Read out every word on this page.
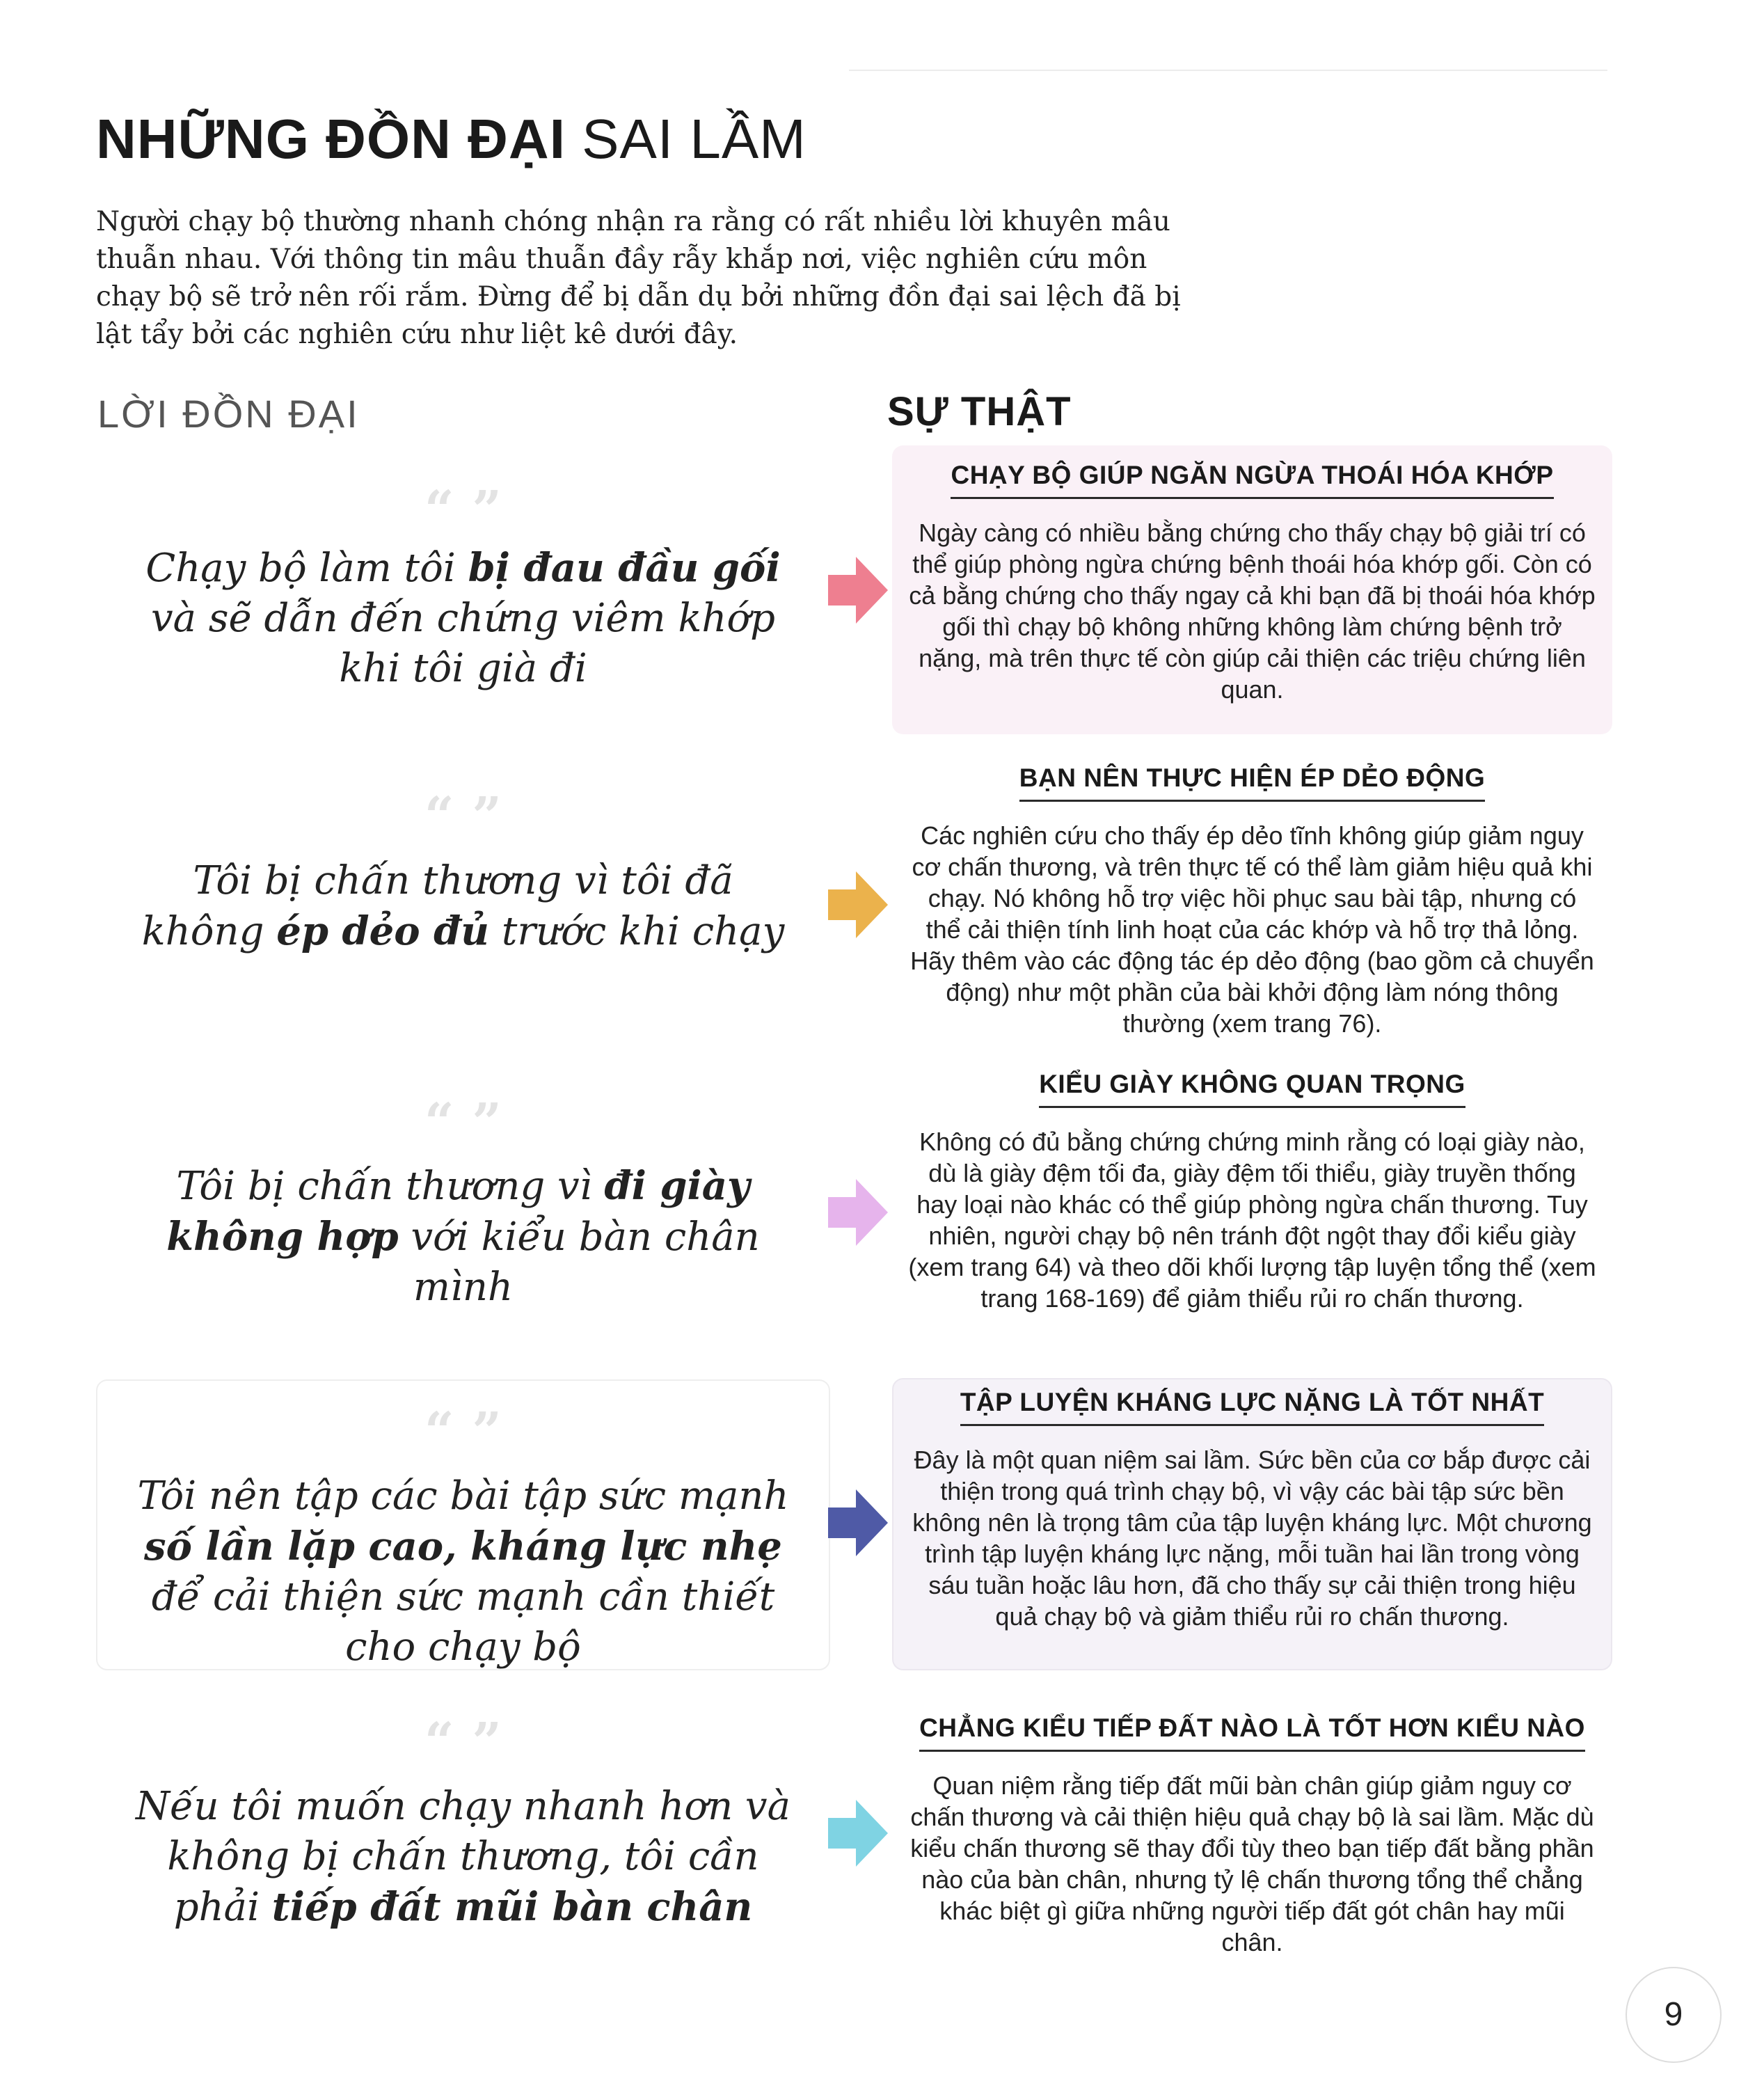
NHỮNG ĐỒN ĐẠI SAI LẦM

Người chạy bộ thường nhanh chóng nhận ra rằng có rất nhiều lời khuyên mâu thuẫn nhau. Với thông tin mâu thuẫn đầy rẫy khắp nơi, việc nghiên cứu môn chạy bộ sẽ trở nên rối rắm. Đừng để bị dẫn dụ bởi những đồn đại sai lệch đã bị lật tẩy bởi các nghiên cứu như liệt kê dưới đây.

LỜI ĐỒN ĐẠI	SỰ THẬT
“ ”
Chạy bộ làm tôi bị đau đầu gối và sẽ dẫn đến chứng viêm khớp khi tôi già đi
CHẠY BỘ GIÚP NGĂN NGỪA THOÁI HÓA KHỚP
Ngày càng có nhiều bằng chứng cho thấy chạy bộ giải trí có thể giúp phòng ngừa chứng bệnh thoái hóa khớp gối. Còn có cả bằng chứng cho thấy ngay cả khi bạn đã bị thoái hóa khớp gối thì chạy bộ không những không làm chứng bệnh trở nặng, mà trên thực tế còn giúp cải thiện các triệu chứng liên quan.
“ ”
Tôi bị chấn thương vì tôi đã không ép dẻo đủ trước khi chạy
BẠN NÊN THỰC HIỆN ÉP DẺO ĐỘNG
Các nghiên cứu cho thấy ép dẻo tĩnh không giúp giảm nguy cơ chấn thương, và trên thực tế có thể làm giảm hiệu quả khi chạy. Nó không hỗ trợ việc hồi phục sau bài tập, nhưng có thể cải thiện tính linh hoạt của các khớp và hỗ trợ thả lỏng. Hãy thêm vào các động tác ép dẻo động (bao gồm cả chuyển động) như một phần của bài khởi động làm nóng thông thường (xem trang 76).
“ ”
Tôi bị chấn thương vì đi giày không hợp với kiểu bàn chân mình
KIỂU GIÀY KHÔNG QUAN TRỌNG
Không có đủ bằng chứng chứng minh rằng có loại giày nào, dù là giày đệm tối đa, giày đệm tối thiểu, giày truyền thống hay loại nào khác có thể giúp phòng ngừa chấn thương. Tuy nhiên, người chạy bộ nên tránh đột ngột thay đổi kiểu giày (xem trang 64) và theo dõi khối lượng tập luyện tổng thể (xem trang 168-169) để giảm thiểu rủi ro chấn thương.
“ ”
Tôi nên tập các bài tập sức mạnh số lần lặp cao, kháng lực nhẹ để cải thiện sức mạnh cần thiết cho chạy bộ
TẬP LUYỆN KHÁNG LỰC NẶNG LÀ TỐT NHẤT
Đây là một quan niệm sai lầm. Sức bền của cơ bắp được cải thiện trong quá trình chạy bộ, vì vậy các bài tập sức bền không nên là trọng tâm của tập luyện kháng lực. Một chương trình tập luyện kháng lực nặng, mỗi tuần hai lần trong vòng sáu tuần hoặc lâu hơn, đã cho thấy sự cải thiện trong hiệu quả chạy bộ và giảm thiểu rủi ro chấn thương.
“ ”
Nếu tôi muốn chạy nhanh hơn và không bị chấn thương, tôi cần phải tiếp đất mũi bàn chân
CHẲNG KIỂU TIẾP ĐẤT NÀO LÀ TỐT HƠN KIỂU NÀO
Quan niệm rằng tiếp đất mũi bàn chân giúp giảm nguy cơ chấn thương và cải thiện hiệu quả chạy bộ là sai lầm. Mặc dù kiểu chấn thương sẽ thay đổi tùy theo bạn tiếp đất bằng phần nào của bàn chân, nhưng tỷ lệ chấn thương tổng thể chẳng khác biệt gì giữa những người tiếp đất gót chân hay mũi chân.
9
